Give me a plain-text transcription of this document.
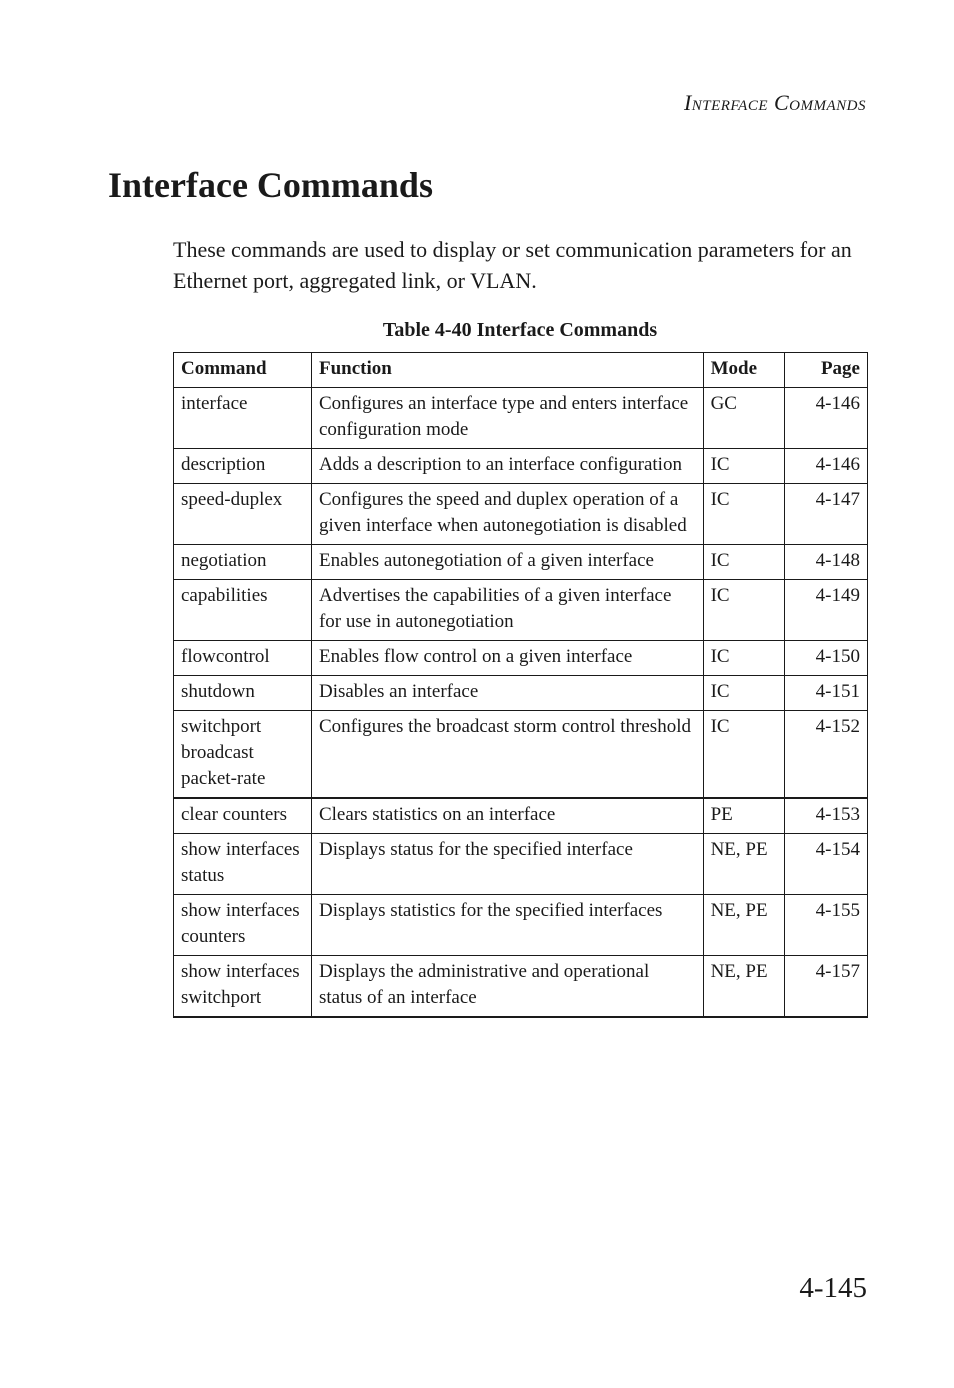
Interface Commands
Interface Commands

These commands are used to display or set communication parameters for an Ethernet port, aggregated link, or VLAN.

Table 4-40 Interface Commands
Command	Function	Mode	Page
interface	Configures an interface type and enters interface configuration mode	GC	4-146
description	Adds a description to an interface configuration	IC	4-146
speed-duplex	Configures the speed and duplex operation of a given interface when autonegotiation is disabled	IC	4-147
negotiation	Enables autonegotiation of a given interface	IC	4-148
capabilities	Advertises the capabilities of a given interface for use in autonegotiation	IC	4-149
flowcontrol	Enables flow control on a given interface	IC	4-150
shutdown	Disables an interface	IC	4-151
switchport broadcast packet-rate	Configures the broadcast storm control threshold	IC	4-152
clear counters	Clears statistics on an interface	PE	4-153
show interfaces status	Displays status for the specified interface	NE, PE	4-154
show interfaces counters	Displays statistics for the specified interfaces	NE, PE	4-155
show interfaces switchport	Displays the administrative and operational status of an interface	NE, PE	4-157
4-145
